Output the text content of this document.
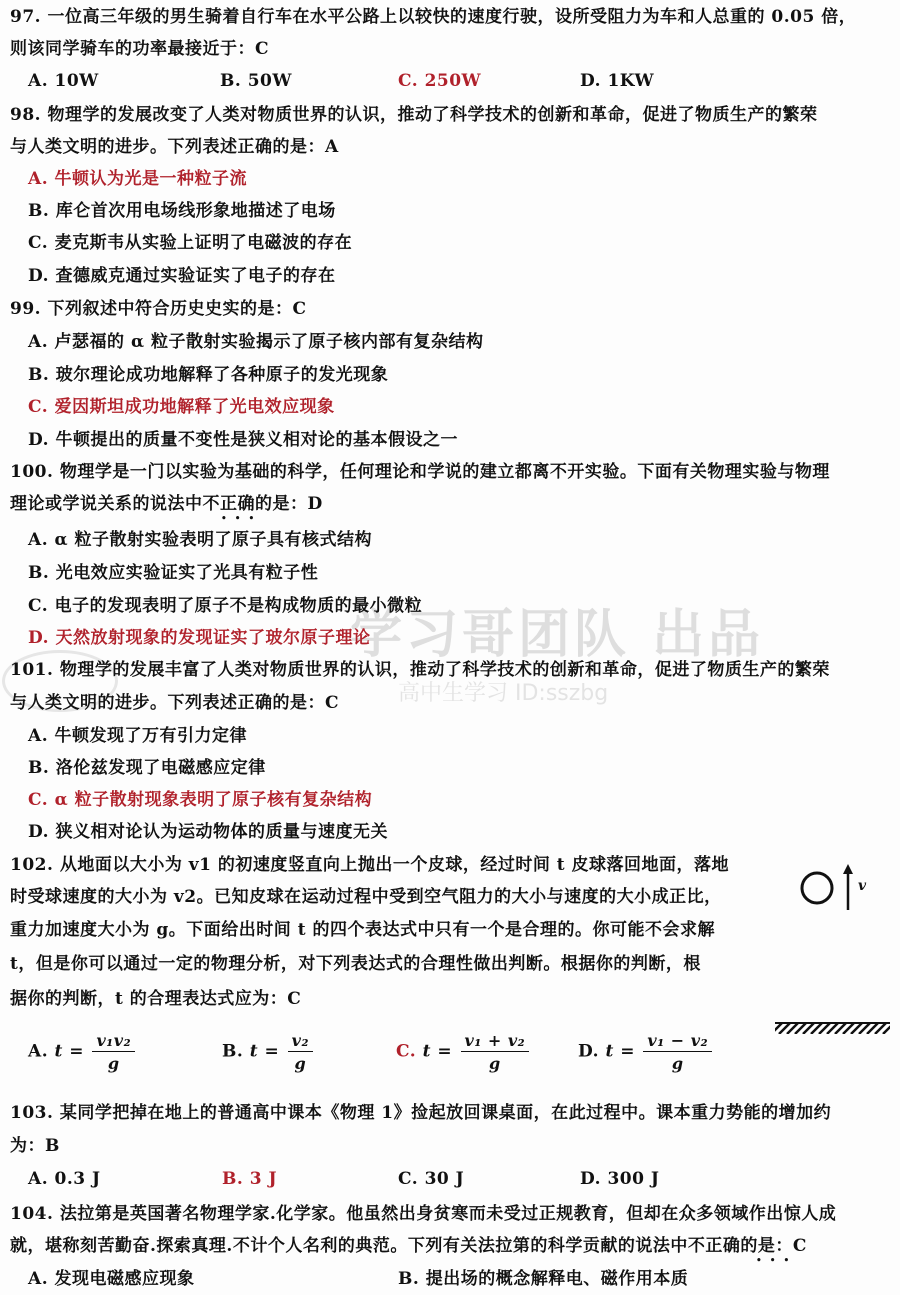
学习哥团队 出品
高中生学习 ID:sszbg
97. 一位高三年级的男生骑着自行车在水平公路上以较快的速度行驶，设所受阻力为车和人总重的 0.05 倍，
则该同学骑车的功率最接近于：C
A. 10W	B. 50W	C. 250W	D. 1KW
98. 物理学的发展改变了人类对物质世界的认识，推动了科学技术的创新和革命，促进了物质生产的繁荣
与人类文明的进步。下列表述正确的是：A
A. 牛顿认为光是一种粒子流
B. 库仑首次用电场线形象地描述了电场
C. 麦克斯韦从实验上证明了电磁波的存在
D. 查德威克通过实验证实了电子的存在
99. 下列叙述中符合历史史实的是：C
A. 卢瑟福的 α 粒子散射实验揭示了原子核内部有复杂结构
B. 玻尔理论成功地解释了各种原子的发光现象
C. 爱因斯坦成功地解释了光电效应现象
D. 牛顿提出的质量不变性是狭义相对论的基本假设之一
100. 物理学是一门以实验为基础的科学，任何理论和学说的建立都离不开实验。下面有关物理实验与物理
理论或学说关系的说法中不正确的是：D
•••
A. α 粒子散射实验表明了原子具有核式结构
B. 光电效应实验证实了光具有粒子性
C. 电子的发现表明了原子不是构成物质的最小微粒
D. 天然放射现象的发现证实了玻尔原子理论
101. 物理学的发展丰富了人类对物质世界的认识，推动了科学技术的创新和革命，促进了物质生产的繁荣
与人类文明的进步。下列表述正确的是：C
A. 牛顿发现了万有引力定律
B. 洛伦兹发现了电磁感应定律
C. α 粒子散射现象表明了原子核有复杂结构
D. 狭义相对论认为运动物体的质量与速度无关
102. 从地面以大小为 v1 的初速度竖直向上抛出一个皮球，经过时间 t 皮球落回地面，落地
时受球速度的大小为 v2。已知皮球在运动过程中受到空气阻力的大小与速度的大小成正比，
重力加速度大小为 g。下面给出时间 t 的四个表达式中只有一个是合理的。你可能不会求解
t，但是你可以通过一定的物理分析，对下列表达式的合理性做出判断。根据你的判断，根
据你的判断，t 的合理表达式应为：C
v
A. $t = \frac{\text{v₁v₂}}{g}$	B. $t = \frac{\text{v₂}}{g}$	C. $t = \frac{\text{v₁ + v₂}}{g}$	D. $t = \frac{\text{v₁ − v₂}}{g}$
103. 某同学把掉在地上的普通高中课本《物理 1》捡起放回课桌面，在此过程中。课本重力势能的增加约
为：B
A. 0.3 J	B. 3 J	C. 30 J	D. 300 J
104. 法拉第是英国著名物理学家.化学家。他虽然出身贫寒而未受过正规教育，但却在众多领域作出惊人成
就，堪称刻苦勤奋.探索真理.不计个人名利的典范。下列有关法拉第的科学贡献的说法中不正确的是：C
•••
A. 发现电磁感应现象	B. 提出场的概念解释电、磁作用本质
